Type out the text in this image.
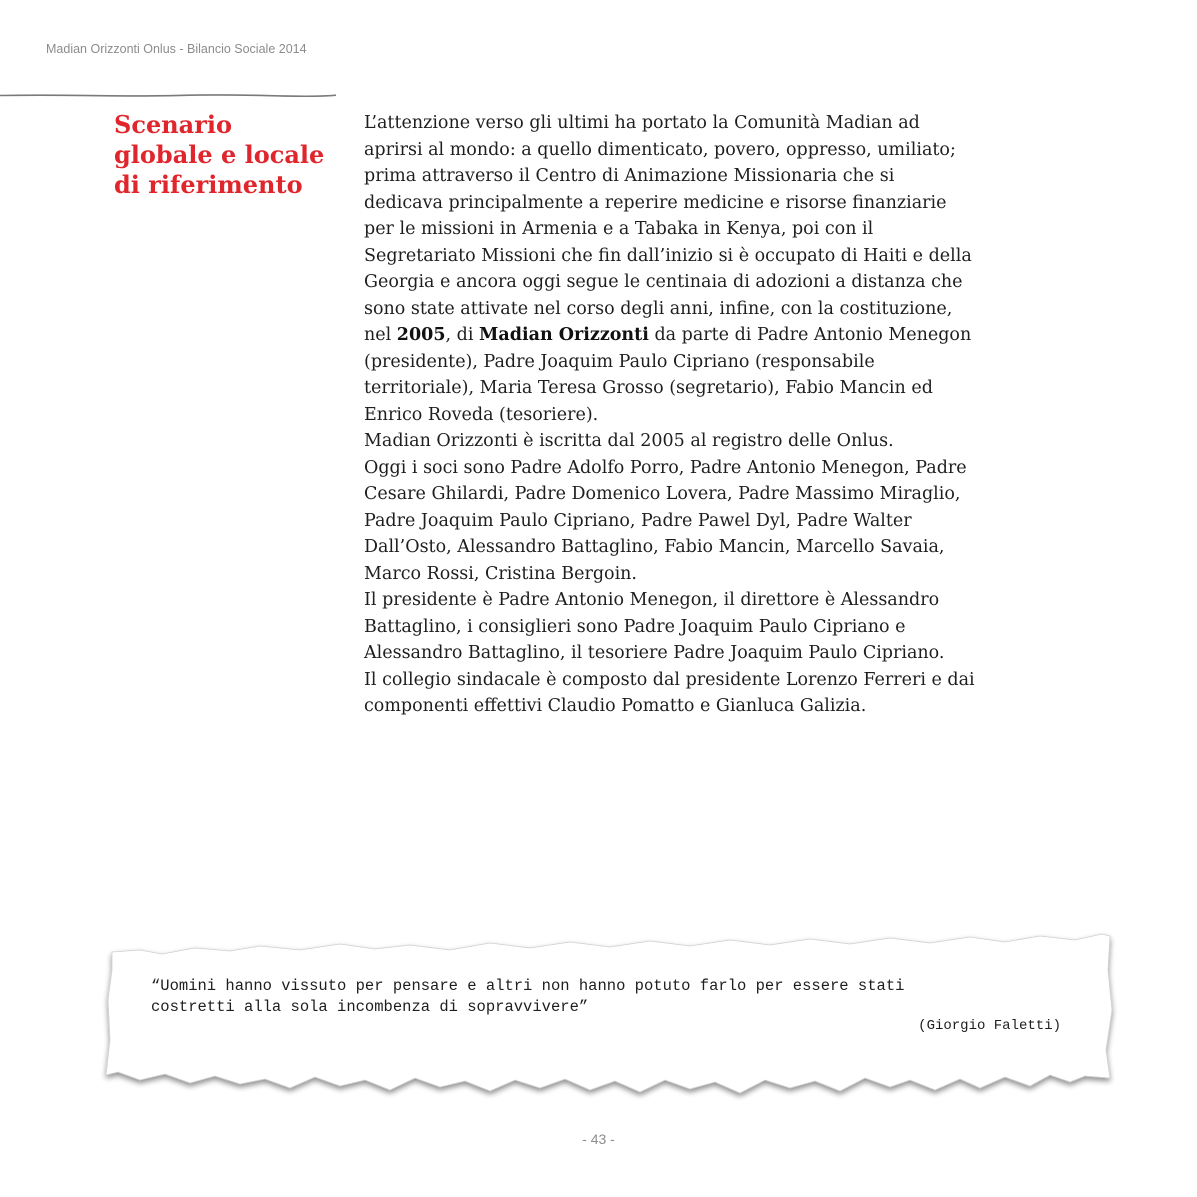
Madian Orizzonti Onlus - Bilancio Sociale 2014
Scenario
globale e locale
di riferimento
L’attenzione verso gli ultimi ha portato la Comunità Madian ad
aprirsi al mondo: a quello dimenticato, povero, oppresso, umiliato;
prima attraverso il Centro di Animazione Missionaria che si
dedicava principalmente a reperire medicine e risorse finanziarie
per le missioni in Armenia e a Tabaka in Kenya, poi con il
Segretariato Missioni che fin dall’inizio si è occupato di Haiti e della
Georgia e ancora oggi segue le centinaia di adozioni a distanza che
sono state attivate nel corso degli anni, infine, con la costituzione,
nel 2005, di Madian Orizzonti da parte di Padre Antonio Menegon
(presidente), Padre Joaquim Paulo Cipriano (responsabile
territoriale), Maria Teresa Grosso (segretario), Fabio Mancin ed
Enrico Roveda (tesoriere).
Madian Orizzonti è iscritta dal 2005 al registro delle Onlus.
Oggi i soci sono Padre Adolfo Porro, Padre Antonio Menegon, Padre
Cesare Ghilardi, Padre Domenico Lovera, Padre Massimo Miraglio,
Padre Joaquim Paulo Cipriano, Padre Pawel Dyl, Padre Walter
Dall’Osto, Alessandro Battaglino, Fabio Mancin, Marcello Savaia,
Marco Rossi, Cristina Bergoin.
Il presidente è Padre Antonio Menegon, il direttore è Alessandro
Battaglino, i consiglieri sono Padre Joaquim Paulo Cipriano e
Alessandro Battaglino, il tesoriere Padre Joaquim Paulo Cipriano.
Il collegio sindacale è composto dal presidente Lorenzo Ferreri e dai
componenti effettivi Claudio Pomatto e Gianluca Galizia.
“Uomini hanno vissuto per pensare e altri non hanno potuto farlo per essere stati
costretti alla sola incombenza di sopravvivere”
(Giorgio Faletti)
- 43 -
